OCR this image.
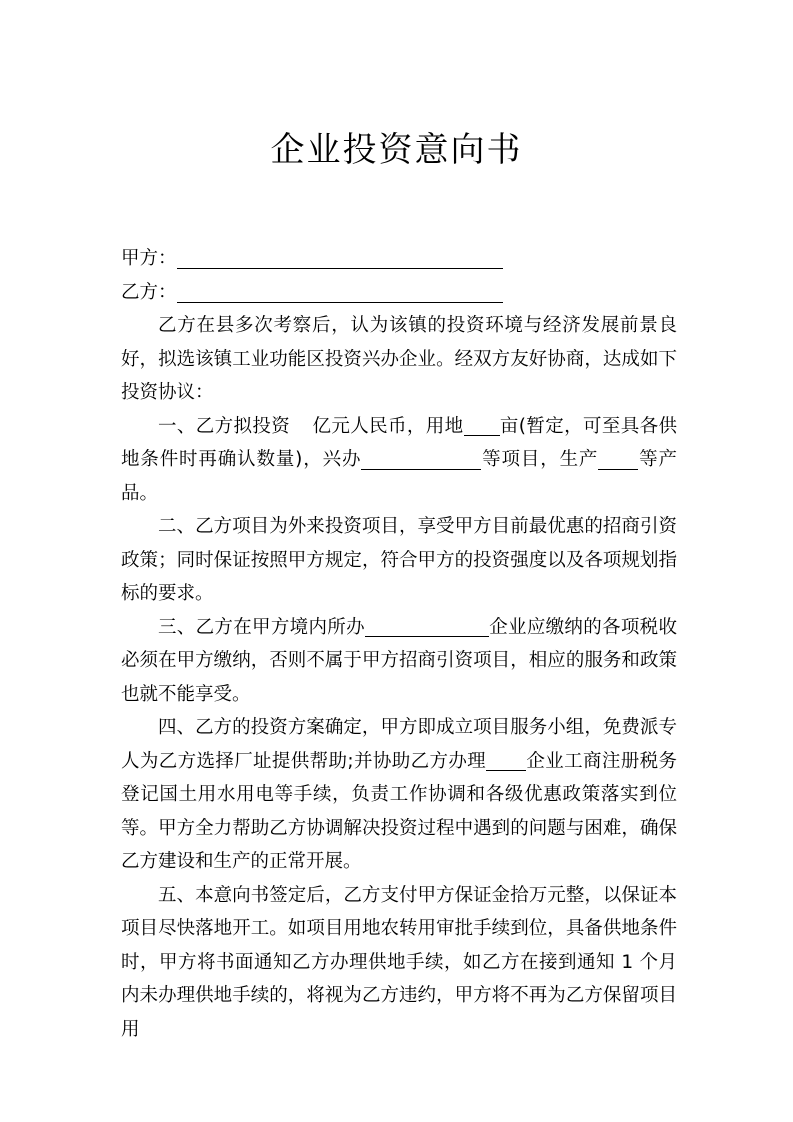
企业投资意向书
甲方：
乙方：

乙方在县多次考察后，认为该镇的投资环境与经济发展前景良好，拟选该镇工业功能区投资兴办企业。经双方友好协商，达成如下投资协议：

一、乙方拟投资 亿元人民币，用地 亩(暂定，可至具各供地条件时再确认数量)，兴办	等项目，生产 等产品。

二、乙方项目为外来投资项目，享受甲方目前最优惠的招商引资政策；同时保证按照甲方规定，符合甲方的投资强度以及各项规划指标的要求。

三、乙方在甲方境内所办	企业应缴纳的各项税收必须在甲方缴纳，否则不属于甲方招商引资项目，相应的服务和政策也就不能享受。

四、乙方的投资方案确定，甲方即成立项目服务小组，免费派专人为乙方选择厂址提供帮助;并协助乙方办理 企业工商注册税务登记国土用水用电等手续，负责工作协调和各级优惠政策落实到位等。甲方全力帮助乙方协调解决投资过程中遇到的问题与困难，确保乙方建设和生产的正常开展。

五、本意向书签定后，乙方支付甲方保证金拾万元整，以保证本项目尽快落地开工。如项目用地农转用审批手续到位，具备供地条件时，甲方将书面通知乙方办理供地手续，如乙方在接到通知 1 个月内未办理供地手续的，将视为乙方违约，甲方将不再为乙方保留项目用
